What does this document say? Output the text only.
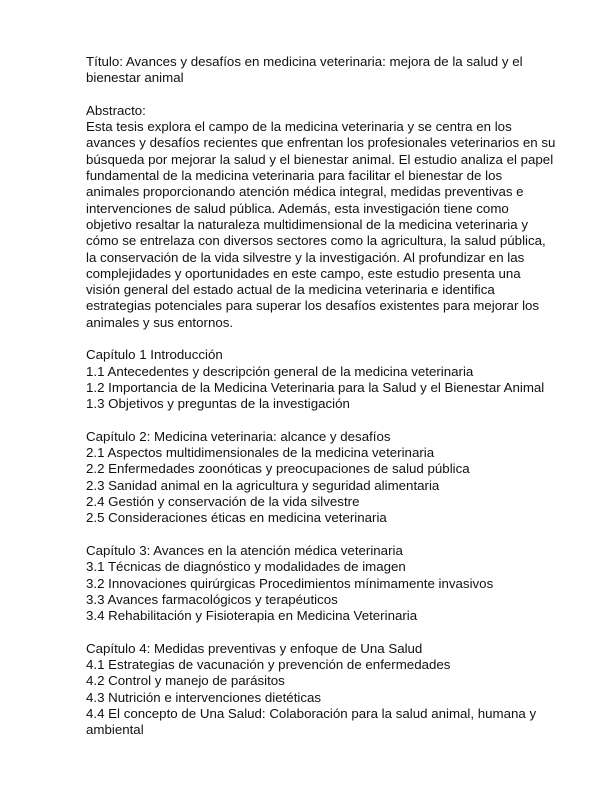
Título: Avances y desafíos en medicina veterinaria: mejora de la salud y el bienestar animal

Abstracto:

Esta tesis explora el campo de la medicina veterinaria y se centra en los avances y desafíos recientes que enfrentan los profesionales veterinarios en su búsqueda por mejorar la salud y el bienestar animal. El estudio analiza el papel fundamental de la medicina veterinaria para facilitar el bienestar de los animales proporcionando atención médica integral, medidas preventivas e intervenciones de salud pública. Además, esta investigación tiene como objetivo resaltar la naturaleza multidimensional de la medicina veterinaria y cómo se entrelaza con diversos sectores como la agricultura, la salud pública, la conservación de la vida silvestre y la investigación. Al profundizar en las complejidades y oportunidades en este campo, este estudio presenta una visión general del estado actual de la medicina veterinaria e identifica estrategias potenciales para superar los desafíos existentes para mejorar los animales y sus entornos.

Capítulo 1 Introducción

1.1 Antecedentes y descripción general de la medicina veterinaria

1.2 Importancia de la Medicina Veterinaria para la Salud y el Bienestar Animal

1.3 Objetivos y preguntas de la investigación

Capítulo 2: Medicina veterinaria: alcance y desafíos

2.1 Aspectos multidimensionales de la medicina veterinaria

2.2 Enfermedades zoonóticas y preocupaciones de salud pública

2.3 Sanidad animal en la agricultura y seguridad alimentaria

2.4 Gestión y conservación de la vida silvestre

2.5 Consideraciones éticas en medicina veterinaria

Capítulo 3: Avances en la atención médica veterinaria

3.1 Técnicas de diagnóstico y modalidades de imagen

3.2 Innovaciones quirúrgicas Procedimientos mínimamente invasivos

3.3 Avances farmacológicos y terapéuticos

3.4 Rehabilitación y Fisioterapia en Medicina Veterinaria

Capítulo 4: Medidas preventivas y enfoque de Una Salud

4.1 Estrategias de vacunación y prevención de enfermedades

4.2 Control y manejo de parásitos

4.3 Nutrición e intervenciones dietéticas

4.4 El concepto de Una Salud: Colaboración para la salud animal, humana y ambiental
